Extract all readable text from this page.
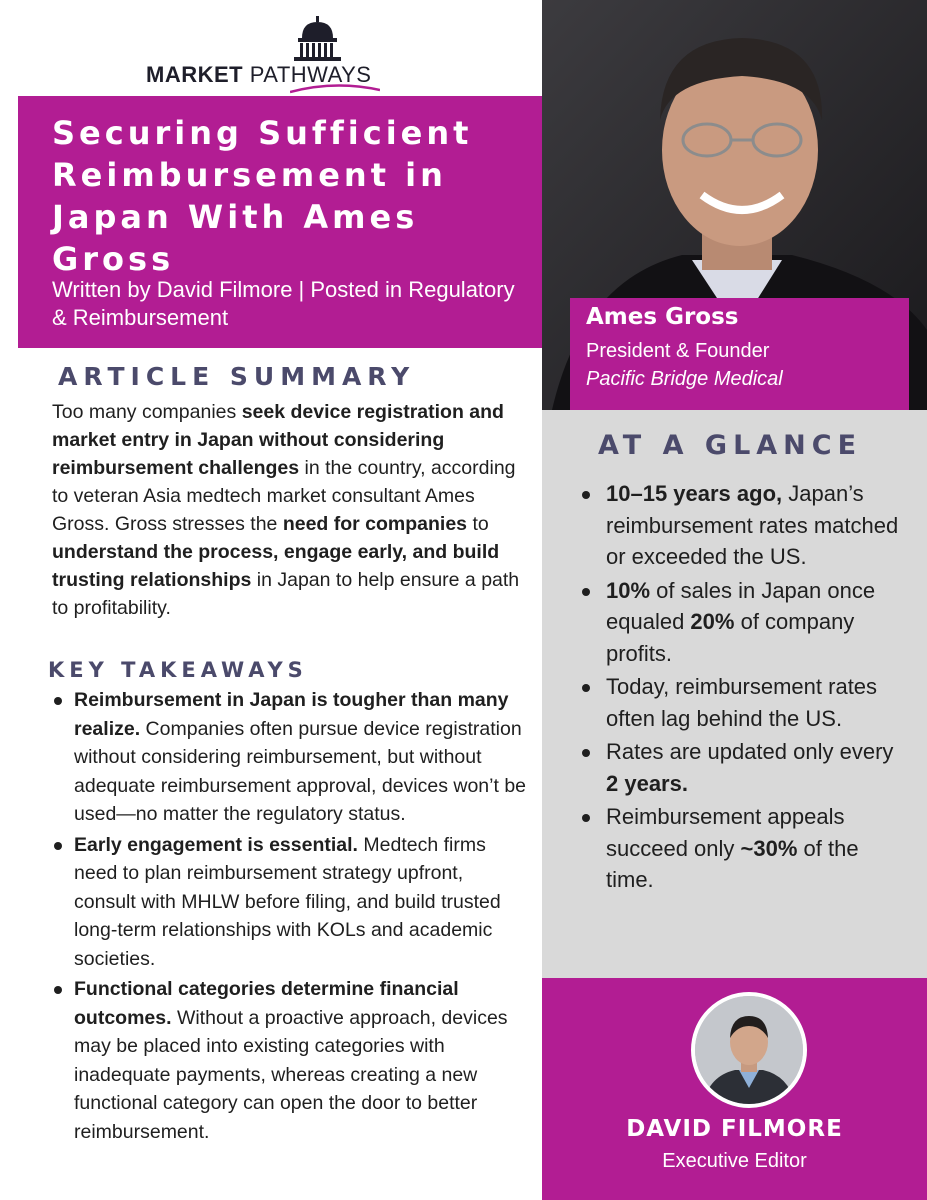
MARKET PATHWAYS
Securing Sufficient Reimbursement in Japan With Ames Gross

Written by David Filmore | Posted in Regulatory & Reimbursement

ARTICLE SUMMARY

Too many companies seek device registration and market entry in Japan without considering reimbursement challenges in the country, according to veteran Asia medtech market consultant Ames Gross. Gross stresses the need for companies to understand the process, engage early, and build trusting relationships in Japan to help ensure a path to profitability.

KEY TAKEAWAYS
Reimbursement in Japan is tougher than many realize. Companies often pursue device registration without considering reimbursement, but without adequate reimbursement approval, devices won’t be used—no matter the regulatory status.
Early engagement is essential. Medtech firms need to plan reimbursement strategy upfront, consult with MHLW before filing, and build trusted long-term relationships with KOLs and academic societies.
Functional categories determine financial outcomes. Without a proactive approach, devices may be placed into existing categories with inadequate payments, whereas creating a new functional category can open the door to better reimbursement.

Ames Gross

President & Founder

Pacific Bridge Medical

AT A GLANCE
10–15 years ago, Japan’s reimbursement rates matched or exceeded the US.
10% of sales in Japan once equaled 20% of company profits.
Today, reimbursement rates often lag behind the US.
Rates are updated only every 2 years.
Reimbursement appeals succeed only ~30% of the time.

DAVID FILMORE

Executive Editor
